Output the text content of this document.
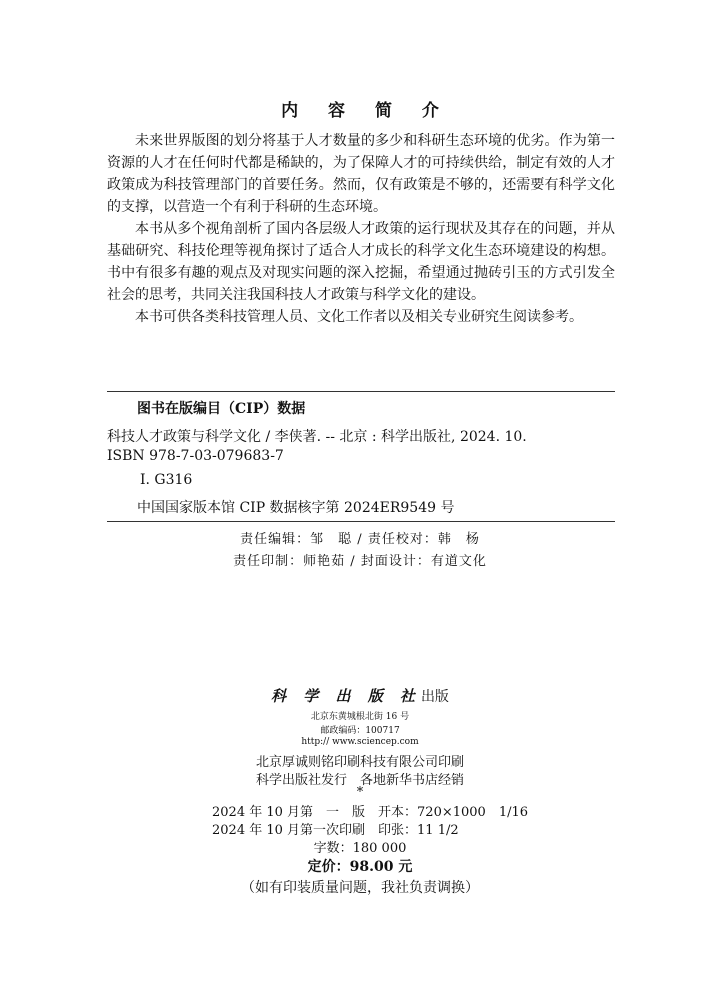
内 容 简 介

未来世界版图的划分将基于人才数量的多少和科研生态环境的优劣。作为第一资源的人才在任何时代都是稀缺的，为了保障人才的可持续供给，制定有效的人才政策成为科技管理部门的首要任务。然而，仅有政策是不够的，还需要有科学文化的支撑，以营造一个有利于科研的生态环境。

本书从多个视角剖析了国内各层级人才政策的运行现状及其存在的问题，并从基础研究、科技伦理等视角探讨了适合人才成长的科学文化生态环境建设的构想。书中有很多有趣的观点及对现实问题的深入挖掘，希望通过抛砖引玉的方式引发全社会的思考，共同关注我国科技人才政策与科学文化的建设。

本书可供各类科技管理人员、文化工作者以及相关专业研究生阅读参考。

图书在版编目（CIP）数据
科技人才政策与科学文化 / 李侠著. -- 北京 : 科学出版社, 2024. 10.
ISBN 978-7-03-079683-7
Ⅰ. G316
中国国家版本馆 CIP 数据核字第 2024ER9549 号
责任编辑：邹　聪 / 责任校对：韩　杨
责任印制：师艳茹 / 封面设计：有道文化
科 学 出 版 社出版
北京东黄城根北街 16 号
邮政编码：100717
http:// www.sciencep.com
北京厚诚则铭印刷科技有限公司印刷
科学出版社发行　各地新华书店经销
*
2024 年 10 月第　一　版　开本：720×1000　1/16
2024 年 10 月第一次印刷　印张：11 1/2
字数：180 000
定价：98.00 元
（如有印装质量问题，我社负责调换）
